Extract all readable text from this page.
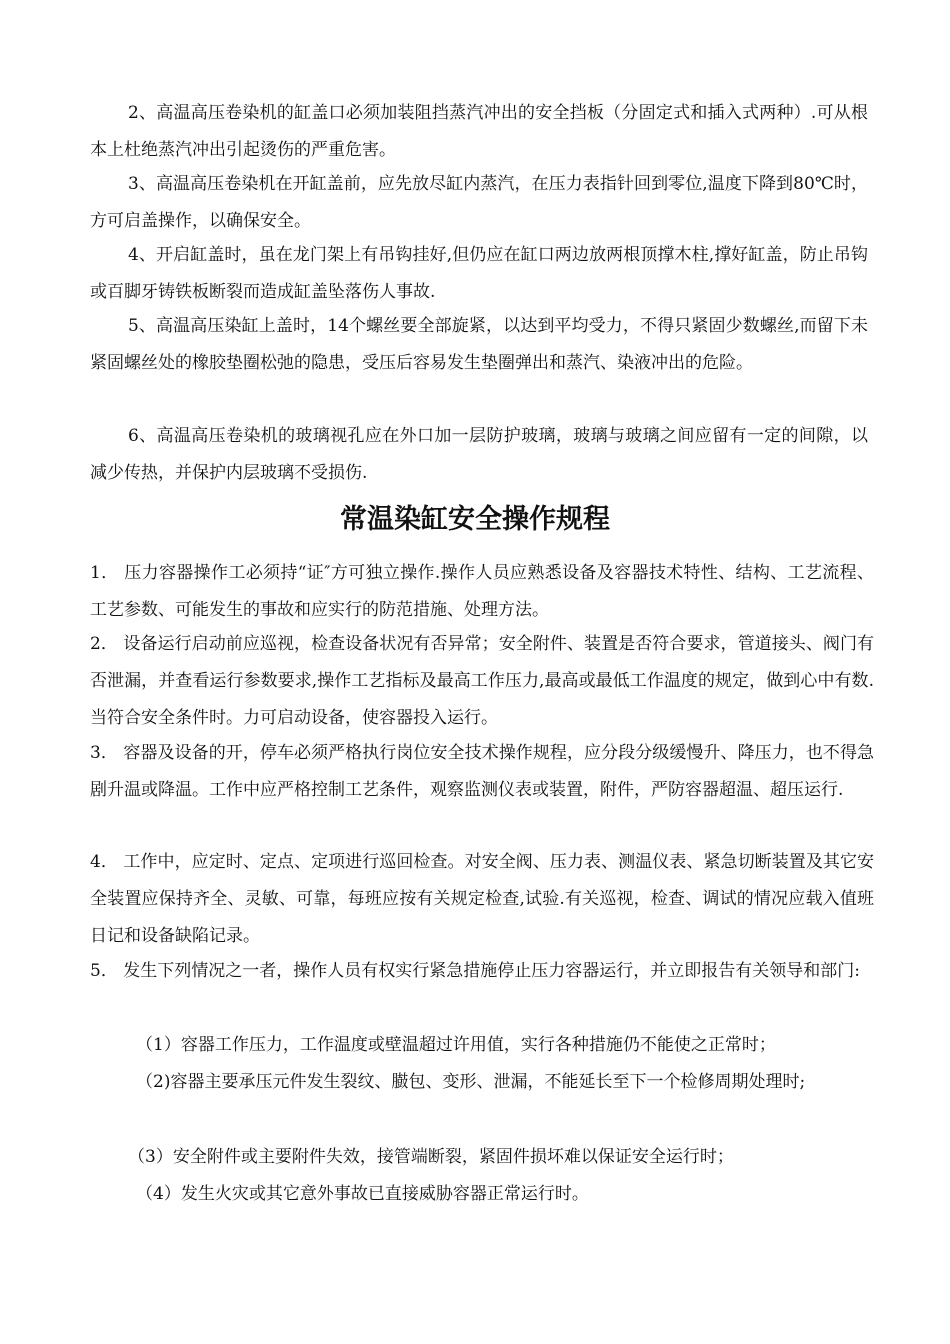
2、高温高压卷染机的缸盖口必须加装阻挡蒸汽冲出的安全挡板（分固定式和插入式两种）.可从根本上杜绝蒸汽冲出引起烫伤的严重危害。

3、高温高压卷染机在开缸盖前，应先放尽缸内蒸汽，在压力表指针回到零位,温度下降到80℃时，方可启盖操作，以确保安全。

4、开启缸盖时，虽在龙门架上有吊钩挂好,但仍应在缸口两边放两根顶撑木柱,撑好缸盖，防止吊钩或百脚牙铸铁板断裂而造成缸盖坠落伤人事故.

5、高温高压染缸上盖时，14个螺丝要全部旋紧，以达到平均受力，不得只紧固少数螺丝,而留下未紧固螺丝处的橡胶垫圈松弛的隐患，受压后容易发生垫圈弹出和蒸汽、染液冲出的危险。

6、高温高压卷染机的玻璃视孔应在外口加一层防护玻璃，玻璃与玻璃之间应留有一定的间隙，以减少传热，并保护内层玻璃不受损伤.

常温染缸安全操作规程

1． 压力容器操作工必须持“证″方可独立操作.操作人员应熟悉设备及容器技术特性、结构、工艺流程、工艺参数、可能发生的事故和应实行的防范措施、处理方法。

2． 设备运行启动前应巡视，检查设备状况有否异常；安全附件、装置是否符合要求，管道接头、阀门有否泄漏，并查看运行参数要求,操作工艺指标及最高工作压力,最高或最低工作温度的规定，做到心中有数.当符合安全条件时。力可启动设备，使容器投入运行。

3． 容器及设备的开，停车必须严格执行岗位安全技术操作规程，应分段分级缓慢升、降压力，也不得急剧升温或降温。工作中应严格控制工艺条件，观察监测仪表或装置，附件，严防容器超温、超压运行.

4． 工作中，应定时、定点、定项进行巡回检查。对安全阀、压力表、测温仪表、紧急切断装置及其它安全装置应保持齐全、灵敏、可靠，每班应按有关规定检查,试验.有关巡视，检查、调试的情况应载入值班日记和设备缺陷记录。

5． 发生下列情况之一者，操作人员有权实行紧急措施停止压力容器运行，并立即报告有关领导和部门:

（1）容器工作压力，工作温度或壁温超过许用值，实行各种措施仍不能使之正常时；

（2)容器主要承压元件发生裂纹、臌包、变形、泄漏，不能延长至下一个检修周期处理时;

（3）安全附件或主要附件失效，接管端断裂，紧固件损坏难以保证安全运行时；

（4）发生火灾或其它意外事故已直接威胁容器正常运行时。
